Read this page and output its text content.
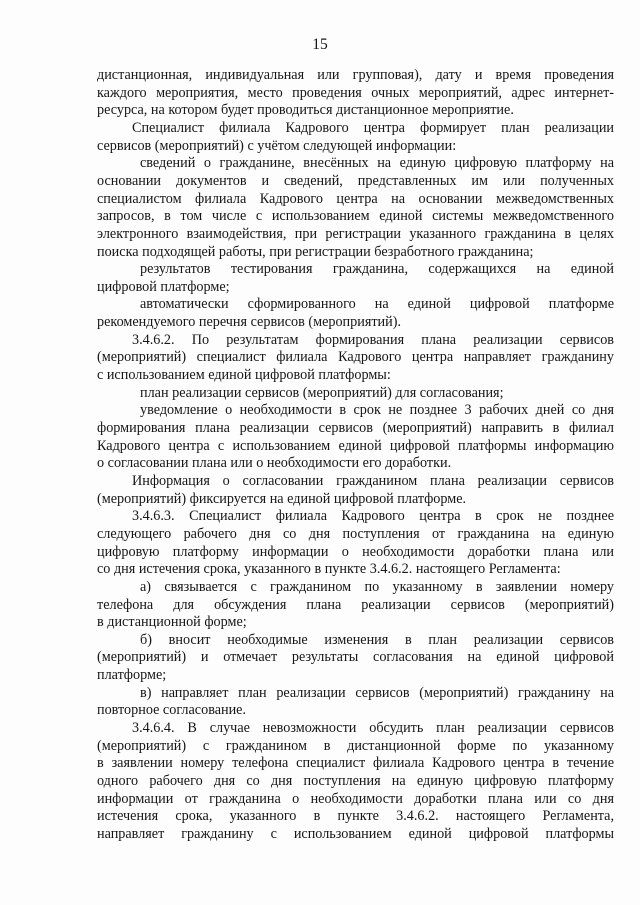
15
дистанционная, индивидуальная или групповая), дату и время проведения
каждого мероприятия, место проведения очных мероприятий, адрес интернет-
ресурса, на котором будет проводиться дистанционное мероприятие.
Специалист филиала Кадрового центра формирует план реализации
сервисов (мероприятий) с учётом следующей информации:
сведений о гражданине, внесённых на единую цифровую платформу на
основании документов и сведений, представленных им или полученных
специалистом филиала Кадрового центра на основании межведомственных
запросов, в том числе с использованием единой системы межведомственного
электронного взаимодействия, при регистрации указанного гражданина в целях
поиска подходящей работы, при регистрации безработного гражданина;
результатов тестирования гражданина, содержащихся на единой
цифровой платформе;
автоматически сформированного на единой цифровой платформе
рекомендуемого перечня сервисов (мероприятий).
3.4.6.2. По результатам формирования плана реализации сервисов
(мероприятий) специалист филиала Кадрового центра направляет гражданину
с использованием единой цифровой платформы:
план реализации сервисов (мероприятий) для согласования;
уведомление о необходимости в срок не позднее 3 рабочих дней со дня
формирования плана реализации сервисов (мероприятий) направить в филиал
Кадрового центра с использованием единой цифровой платформы информацию
о согласовании плана или о необходимости его доработки.
Информация о согласовании гражданином плана реализации сервисов
(мероприятий) фиксируется на единой цифровой платформе.
3.4.6.3. Специалист филиала Кадрового центра в срок не позднее
следующего рабочего дня со дня поступления от гражданина на единую
цифровую платформу информации о необходимости доработки плана или
со дня истечения срока, указанного в пункте 3.4.6.2. настоящего Регламента:
а) связывается с гражданином по указанному в заявлении номеру
телефона для обсуждения плана реализации сервисов (мероприятий)
в дистанционной форме;
б) вносит необходимые изменения в план реализации сервисов
(мероприятий) и отмечает результаты согласования на единой цифровой
платформе;
в) направляет план реализации сервисов (мероприятий) гражданину на
повторное согласование.
3.4.6.4. В случае невозможности обсудить план реализации сервисов
(мероприятий) с гражданином в дистанционной форме по указанному
в заявлении номеру телефона специалист филиала Кадрового центра в течение
одного рабочего дня со дня поступления на единую цифровую платформу
информации от гражданина о необходимости доработки плана или со дня
истечения срока, указанного в пункте 3.4.6.2. настоящего Регламента,
направляет гражданину с использованием единой цифровой платформы
